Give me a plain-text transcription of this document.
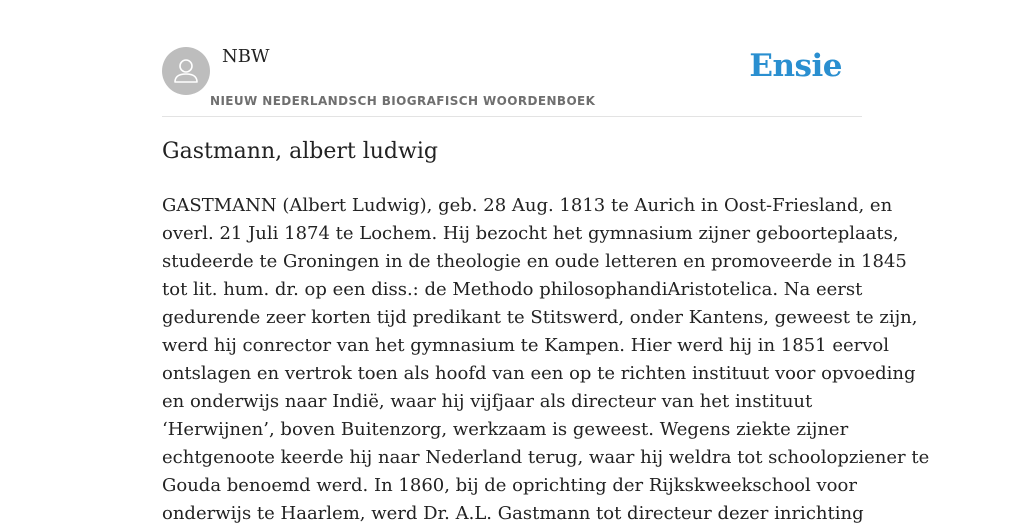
NBW
NIEUW NEDERLANDSCH BIOGRAFISCH WOORDENBOEK
Ensie
Gastmann, albert ludwig

GASTMANN (Albert Ludwig), geb. 28 Aug. 1813 te Aurich in Oost-Friesland, en
overl. 21 Juli 1874 te Lochem. Hij bezocht het gymnasium zijner geboorteplaats,
studeerde te Groningen in de theologie en oude letteren en promoveerde in 1845
tot lit. hum. dr. op een diss.: de Methodo philosophandiAristotelica. Na eerst
gedurende zeer korten tijd predikant te Stitswerd, onder Kantens, geweest te zijn,
werd hij conrector van het gymnasium te Kampen. Hier werd hij in 1851 eervol
ontslagen en vertrok toen als hoofd van een op te richten instituut voor opvoeding
en onderwijs naar Indië, waar hij vijfjaar als directeur van het instituut
‘Herwijnen’, boven Buitenzorg, werkzaam is geweest. Wegens ziekte zijner
echtgenoote keerde hij naar Nederland terug, waar hij weldra tot schoolopziener te
Gouda benoemd werd. In 1860, bij de oprichting der Rijkskweekschool voor
onderwijs te Haarlem, werd Dr. A.L. Gastmann tot directeur dezer inrichting
